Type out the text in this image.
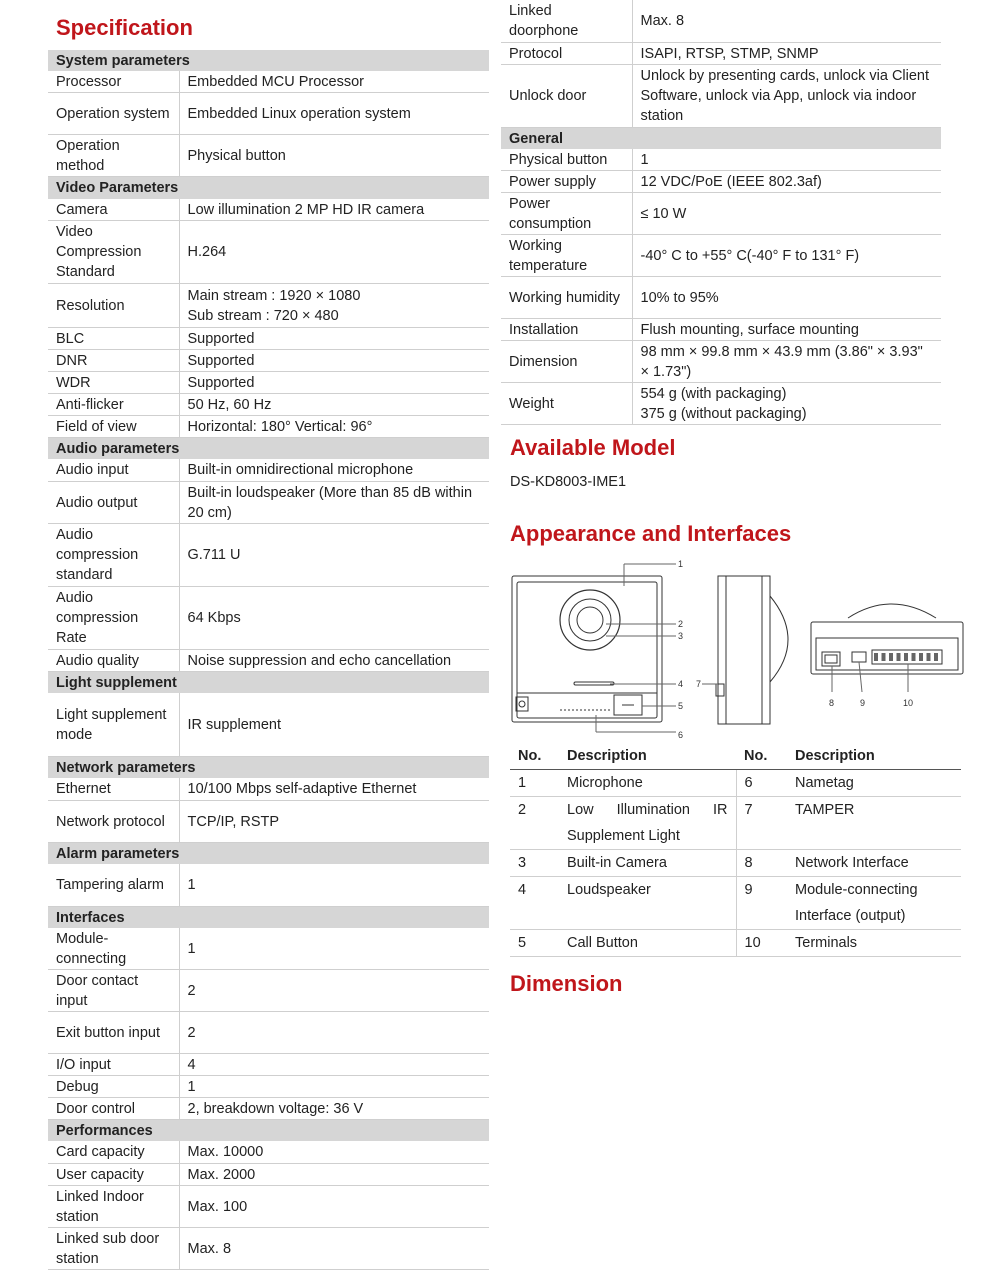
Specification
System parameters	
Processor	Embedded MCU Processor
Operation system	Embedded Linux operation system
Operation method	Physical button
Video Parameters	
Camera	Low illumination 2 MP HD IR camera
Video Compression Standard	H.264
Resolution	Main stream : 1920 × 1080
Sub stream : 720 × 480

BLC	Supported
DNR	Supported
WDR	Supported
Anti-flicker	50 Hz, 60 Hz
Field of view	Horizontal: 180° Vertical: 96°
Audio parameters	
Audio input	Built-in omnidirectional microphone
Audio output	Built-in loudspeaker (More than 85 dB within 20 cm)
Audio compression standard	G.711 U
Audio compression Rate	64 Kbps
Audio quality	Noise suppression and echo cancellation
Light supplement	
Light supplement mode	IR supplement
Network parameters	
Ethernet	10/100 Mbps self-adaptive Ethernet
Network protocol	TCP/IP, RSTP
Alarm parameters	
Tampering alarm	1
Interfaces	
Module-connecting	1
Door contact input	2
Exit button input	2
I/O input	4
Debug	1
Door control	2, breakdown voltage: 36 V
Performances	
Card capacity	Max. 10000
User capacity	Max. 2000
Linked Indoor station	Max. 100
Linked sub door station	Max. 8
Linked doorphone	Max. 8
Protocol	ISAPI, RTSP, STMP, SNMP
Unlock door	Unlock by presenting cards, unlock via Client Software, unlock via App, unlock via indoor station
General	
Physical button	1
Power supply	12 VDC/PoE (IEEE 802.3af)
Power consumption	≤ 10 W
Working temperature	-40° C to +55° C(-40° F to 131° F)
Working humidity	10% to 95%
Installation	Flush mounting, surface mounting
Dimension	98 mm × 99.8 mm × 43.9 mm (3.86" × 3.93" × 1.73")
Weight	554 g (with packaging)
375 g (without packaging)
Available Model

DS-KD8003-IME1

Appearance and Interfaces
1
2
3
4
5
6
7
8	9	10
No.	Description	No.	Description
1	Microphone	6	Nametag
2	Low Illumination IR Supplement Light	7	TAMPER
3	Built-in Camera	8	Network Interface
4	Loudspeaker	9	Module-connecting Interface (output)
5	Call Button	10	Terminals
Dimension
